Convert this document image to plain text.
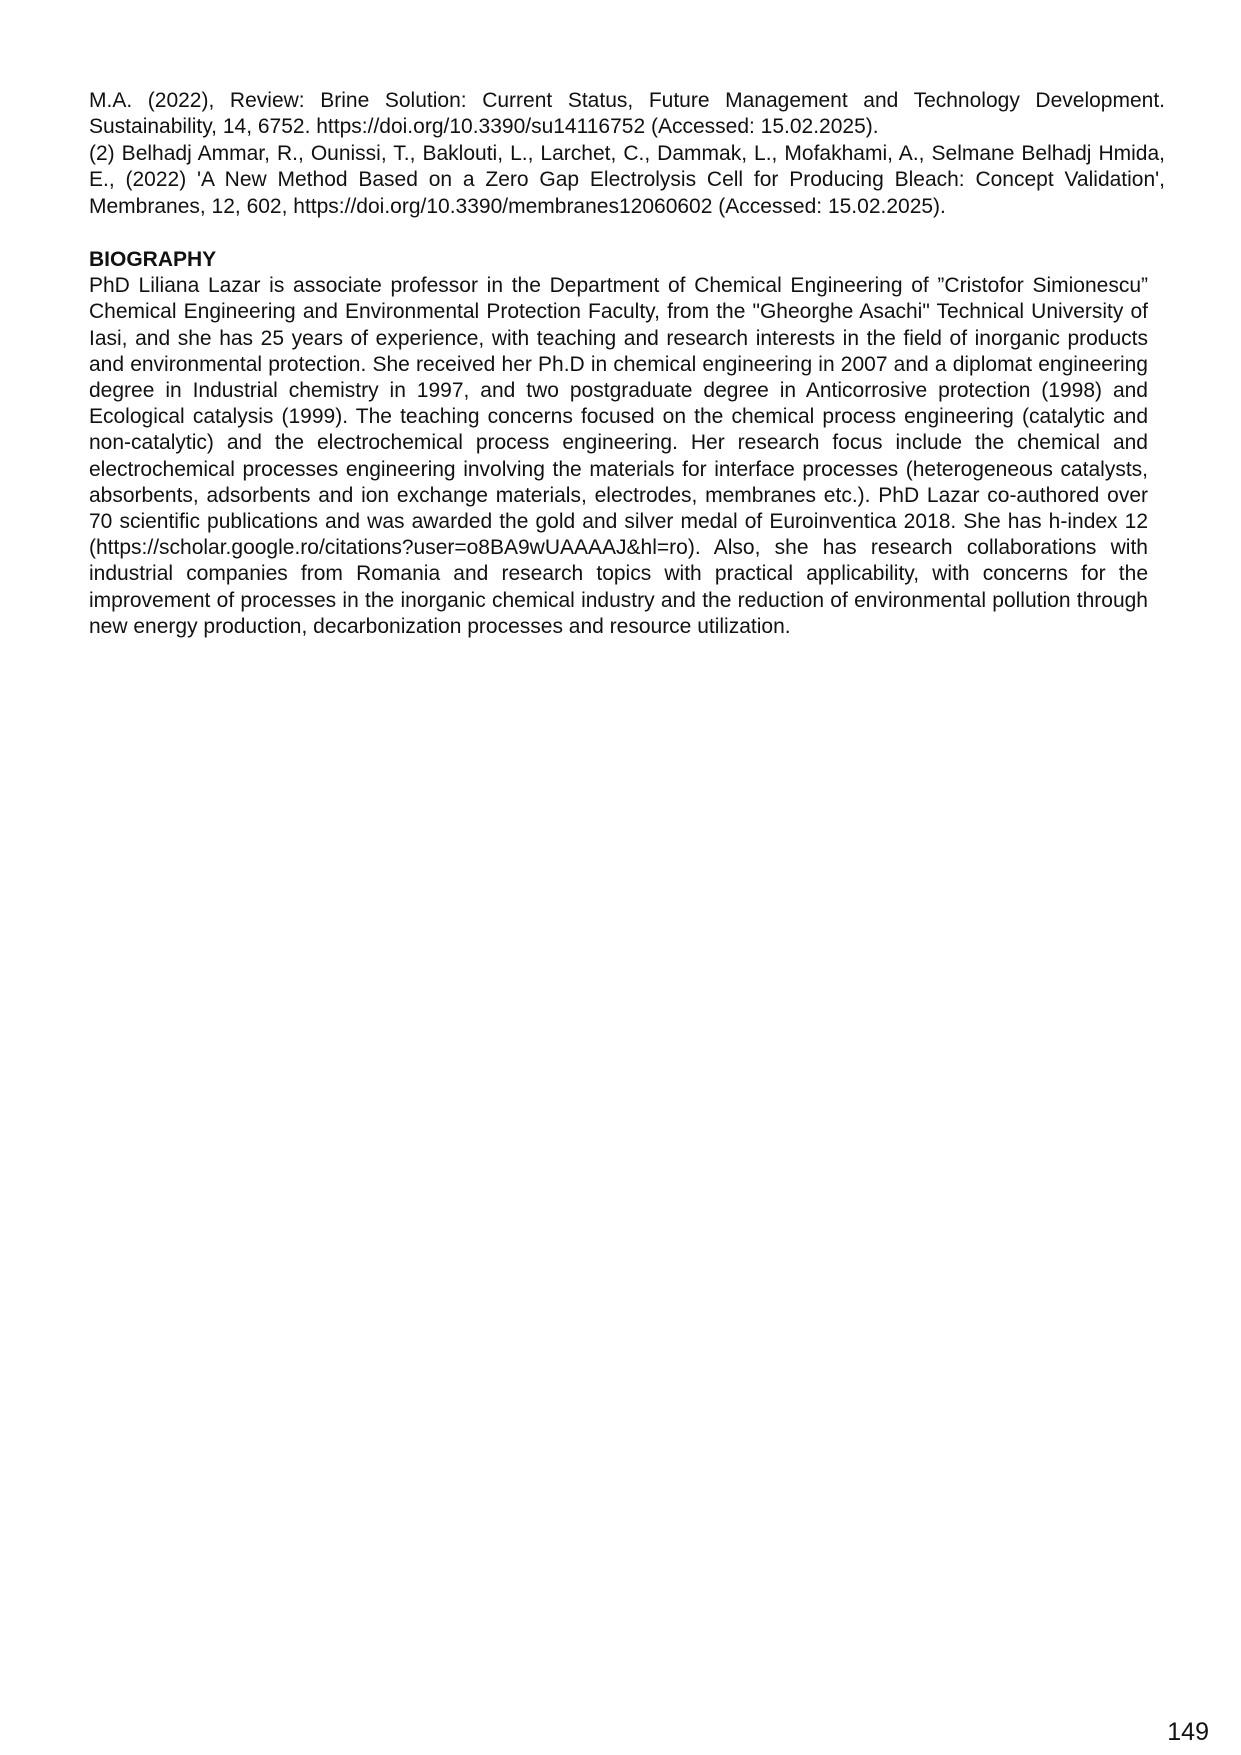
M.A. (2022), Review: Brine Solution: Current Status, Future Management and Technology Development. Sustainability, 14, 6752. https://doi.org/10.3390/su14116752 (Accessed: 15.02.2025).

(2) Belhadj Ammar, R., Ounissi, T., Baklouti, L., Larchet, C., Dammak, L., Mofakhami, A., Selmane Belhadj Hmida, E., (2022) 'A New Method Based on a Zero Gap Electrolysis Cell for Producing Bleach: Concept Validation', Membranes, 12, 602, https://doi.org/10.3390/membranes12060602 (Accessed: 15.02.2025).

BIOGRAPHY

PhD Liliana Lazar is associate professor in the Department of Chemical Engineering of ”Cristofor Simionescu” Chemical Engineering and Environmental Protection Faculty, from the "Gheorghe Asachi" Technical University of Iasi, and she has 25 years of experience, with teaching and research interests in the field of inorganic products and environmental protection. She received her Ph.D in chemical engineering in 2007 and a diplomat engineering degree in Industrial chemistry in 1997, and two postgraduate degree in Anticorrosive protection (1998) and Ecological catalysis (1999). The teaching concerns focused on the chemical process engineering (catalytic and non-catalytic) and the electrochemical process engineering. Her research focus include the chemical and electrochemical processes engineering involving the materials for interface processes (heterogeneous catalysts, absorbents, adsorbents and ion exchange materials, electrodes, membranes etc.). PhD Lazar co-authored over 70 scientific publications and was awarded the gold and silver medal of Euroinventica 2018. She has h-index 12 (https://scholar.google.ro/citations?user=o8BA9wUAAAAJ&hl=ro). Also, she has research collaborations with industrial companies from Romania and research topics with practical applicability, with concerns for the improvement of processes in the inorganic chemical industry and the reduction of environmental pollution through new energy production, decarbonization processes and resource utilization.

149
